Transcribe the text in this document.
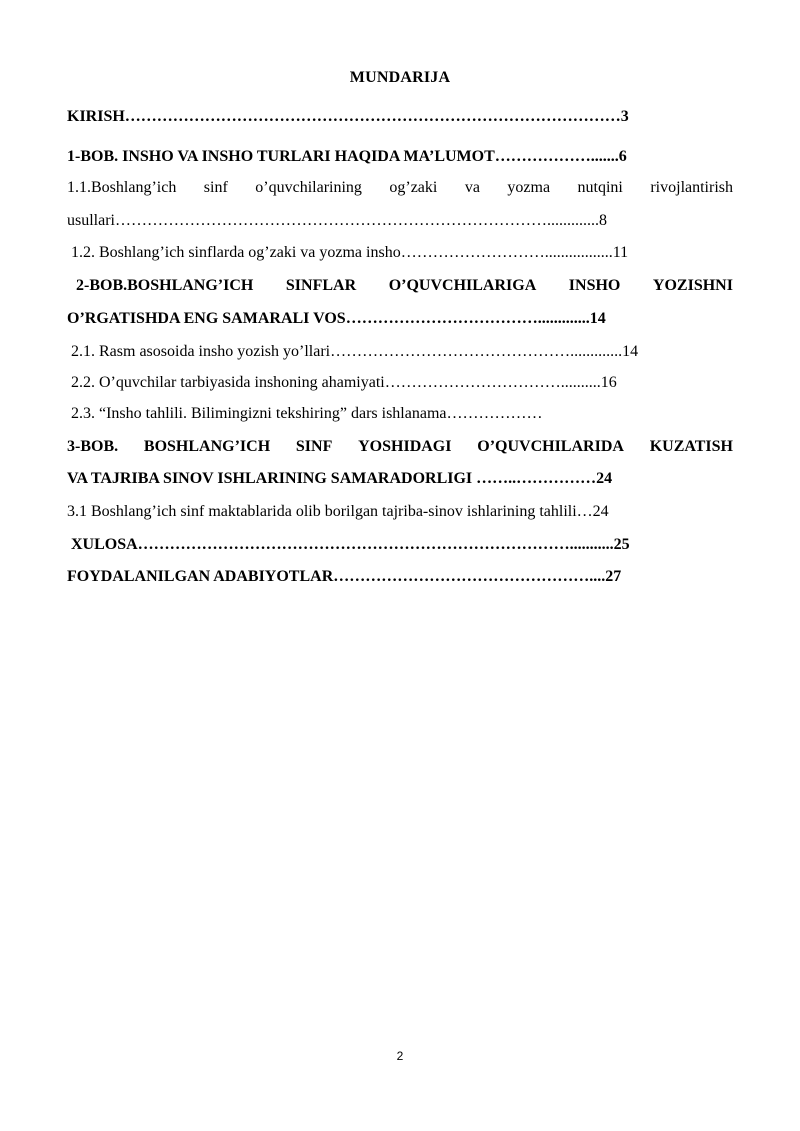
MUNDARIJA
KIRISH…………………………………………………………………………………3
1-BOB. INSHO VA INSHO TURLARI HAQIDA MA’LUMOT……………….......6
1.1.Boshlang’ich sinf o’quvchilarining og’zaki va yozma nutqini rivojlantirish
usullari……………………………………………………………………….............8
1.2. Boshlang’ich sinflarda og’zaki va yozma insho……………………….................11
2-BOB.BOSHLANG’ICH SINFLAR O’QUVCHILARIGA INSHO YOZISHNI
O’RGATISHDA ENG SAMARALI VOS……………………………….............14
2.1. Rasm asosoida insho yozish yo’llari……………………………………….............14
2.2. O’quvchilar tarbiyasida inshoning ahamiyati……………………………..........16
2.3. “Insho tahlili. Bilimingizni tekshiring” dars ishlanama………………
3-BOB. BOSHLANG’ICH SINF YOSHIDAGI O’QUVCHILARIDA KUZATISH
VA TAJRIBA SINOV ISHLARINING SAMARADORLIGI ……..……………24
3.1 Boshlang’ich sinf maktablarida olib borilgan tajriba-sinov ishlarining tahlili…24
XULOSA………………………………………………………………………...........25
FOYDALANILGAN ADABIYOTLAR…………………………………………....27
2
